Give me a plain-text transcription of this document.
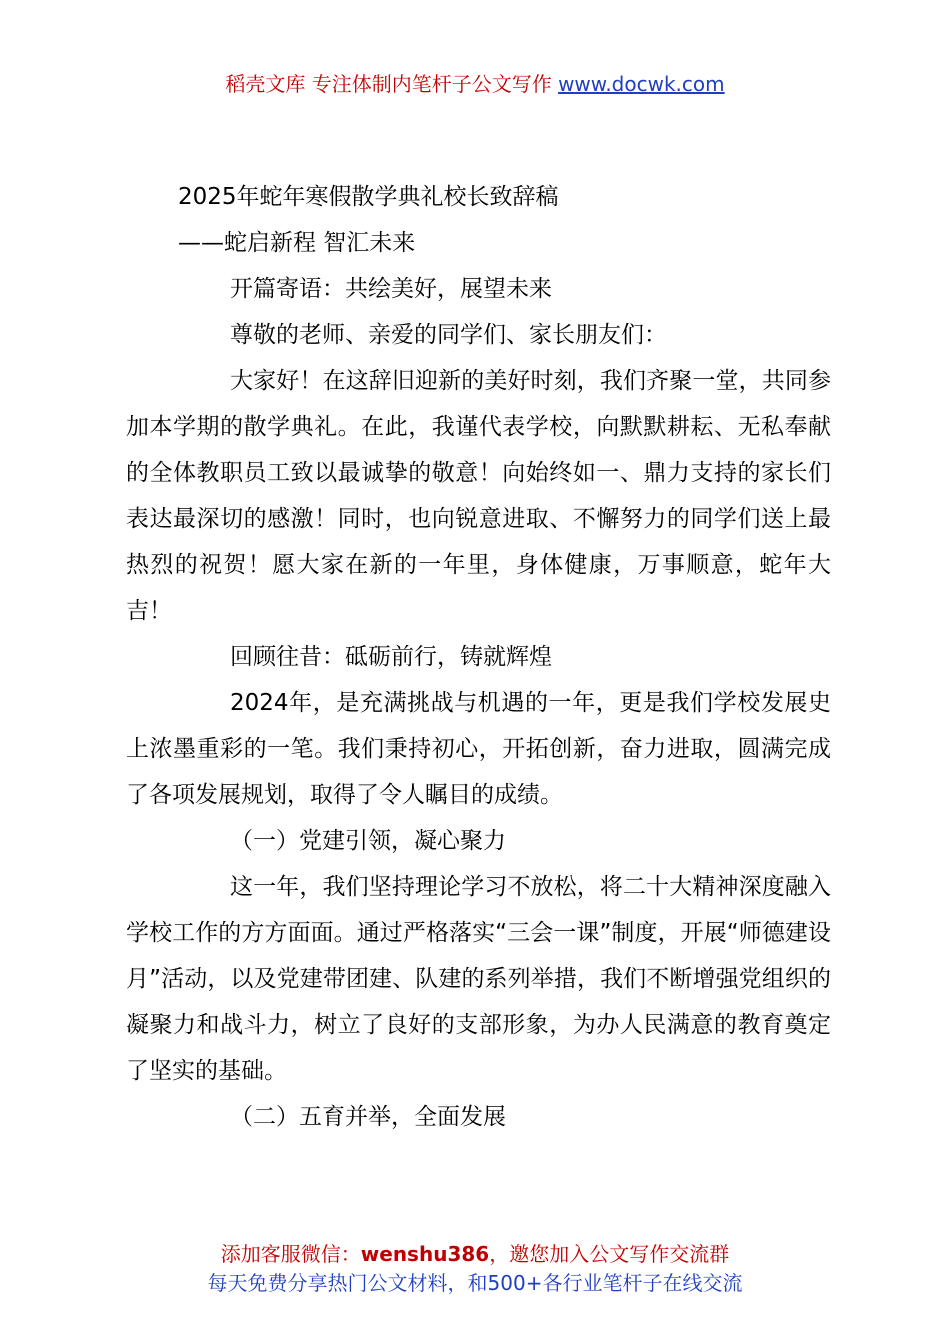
稻壳文库 专注体制内笔杆子公文写作 www.docwk.com

2025年蛇年寒假散学典礼校长致辞稿

——蛇启新程 智汇未来

开篇寄语：共绘美好，展望未来

尊敬的老师、亲爱的同学们、家长朋友们：

大家好！在这辞旧迎新的美好时刻，我们齐聚一堂，共同参加本学期的散学典礼。在此，我谨代表学校，向默默耕耘、无私奉献的全体教职员工致以最诚挚的敬意！向始终如一、鼎力支持的家长们表达最深切的感激！同时，也向锐意进取、不懈努力的同学们送上最热烈的祝贺！愿大家在新的一年里，身体健康，万事顺意，蛇年大吉！

回顾往昔：砥砺前行，铸就辉煌

2024年，是充满挑战与机遇的一年，更是我们学校发展史上浓墨重彩的一笔。我们秉持初心，开拓创新，奋力进取，圆满完成了各项发展规划，取得了令人瞩目的成绩。

（一）党建引领，凝心聚力

这一年，我们坚持理论学习不放松，将二十大精神深度融入学校工作的方方面面。通过严格落实“三会一课”制度，开展“师德建设月”活动，以及党建带团建、队建的系列举措，我们不断增强党组织的凝聚力和战斗力，树立了良好的支部形象，为办人民满意的教育奠定了坚实的基础。

（二）五育并举，全面发展

添加客服微信：wenshu386，邀您加入公文写作交流群
每天免费分享热门公文材料，和500+各行业笔杆子在线交流
